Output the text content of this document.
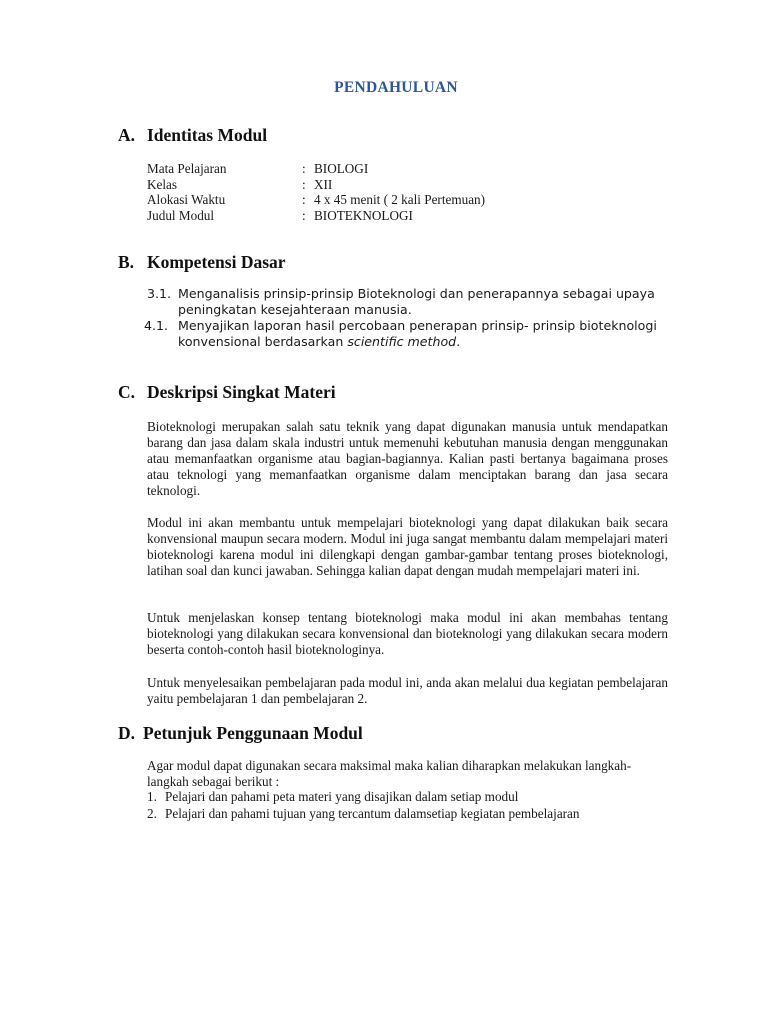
PENDAHULUAN
A. Identitas Modul
Mata Pelajaran	: BIOLOGI
Kelas	: XII
Alokasi Waktu	: 4 x 45 menit ( 2 kali Pertemuan)
Judul Modul	: BIOTEKNOLOGI
B. Kompetensi Dasar
3.1. Menganalisis prinsip-prinsip Bioteknologi dan penerapannya sebagai upaya peningkatan kesejahteraan manusia.
4.1. Menyajikan laporan hasil percobaan penerapan prinsip- prinsip bioteknologi konvensional berdasarkan scientific method.
C. Deskripsi Singkat Materi

Bioteknologi merupakan salah satu teknik yang dapat digunakan manusia untuk mendapatkan barang dan jasa dalam skala industri untuk memenuhi kebutuhan manusia dengan menggunakan atau memanfaatkan organisme atau bagian-bagiannya. Kalian pasti bertanya bagaimana proses atau teknologi yang memanfaatkan organisme dalam menciptakan barang dan jasa secara teknologi.

Modul ini akan membantu untuk mempelajari bioteknologi yang dapat dilakukan baik secara konvensional maupun secara modern. Modul ini juga sangat membantu dalam mempelajari materi bioteknologi karena modul ini dilengkapi dengan gambar-gambar tentang proses bioteknologi, latihan soal dan kunci jawaban. Sehingga kalian dapat dengan mudah mempelajari materi ini.

Untuk menjelaskan konsep tentang bioteknologi maka modul ini akan membahas tentang bioteknologi yang dilakukan secara konvensional dan bioteknologi yang dilakukan secara modern beserta contoh-contoh hasil bioteknologinya.

Untuk menyelesaikan pembelajaran pada modul ini, anda akan melalui dua kegiatan pembelajaran yaitu pembelajaran 1 dan pembelajaran 2.

D. Petunjuk Penggunaan Modul
Agar modul dapat digunakan secara maksimal maka kalian diharapkan melakukan langkah- langkah sebagai berikut :
1. Pelajari dan pahami peta materi yang disajikan dalam setiap modul
2. Pelajari dan pahami tujuan yang tercantum dalamsetiap kegiatan pembelajaran
